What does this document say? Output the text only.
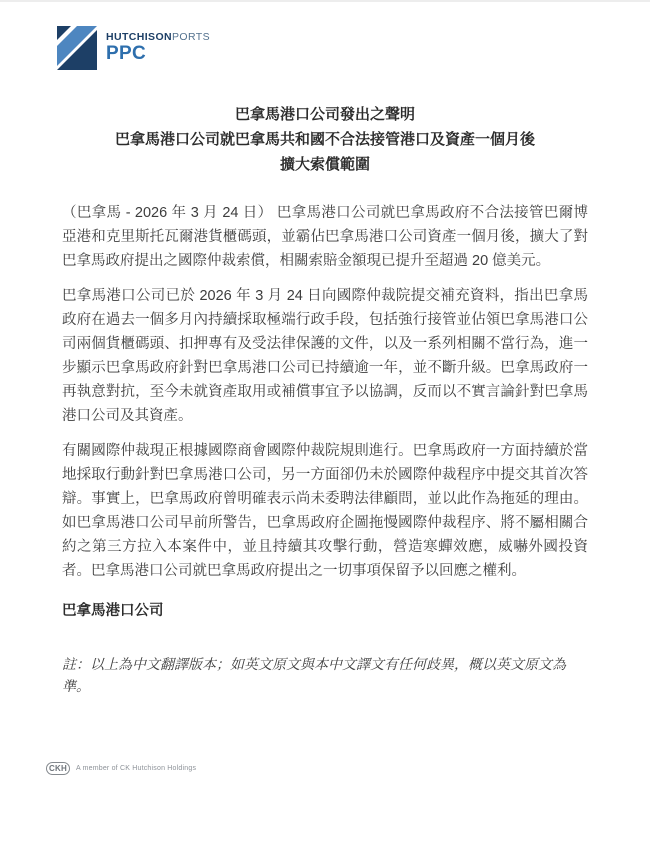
HUTCHISONPORTS
PPC
巴拿馬港口公司發出之聲明
巴拿馬港口公司就巴拿馬共和國不合法接管港口及資產一個月後
擴大索償範圍

（巴拿馬 - 2026 年 3 月 24 日） 巴拿馬港口公司就巴拿馬政府不合法接管巴爾博亞港和克里斯托瓦爾港貨櫃碼頭，並霸佔巴拿馬港口公司資產一個月後，擴大了對巴拿馬政府提出之國際仲裁索償，相關索賠金額現已提升至超過 20 億美元。

巴拿馬港口公司已於 2026 年 3 月 24 日向國際仲裁院提交補充資料，指出巴拿馬政府在過去一個多月內持續採取極端行政手段，包括強行接管並佔領巴拿馬港口公司兩個貨櫃碼頭、扣押專有及受法律保護的文件，以及一系列相關不當行為，進一步顯示巴拿馬政府針對巴拿馬港口公司已持續逾一年，並不斷升級。巴拿馬政府一再執意對抗，至今未就資產取用或補償事宜予以協調，反而以不實言論針對巴拿馬港口公司及其資產。

有關國際仲裁現正根據國際商會國際仲裁院規則進行。巴拿馬政府一方面持續於當地採取行動針對巴拿馬港口公司，另一方面卻仍未於國際仲裁程序中提交其首次答辯。事實上，巴拿馬政府曾明確表示尚未委聘法律顧問，並以此作為拖延的理由。如巴拿馬港口公司早前所警告，巴拿馬政府企圖拖慢國際仲裁程序、將不屬相關合約之第三方拉入本案件中，並且持續其攻擊行動，營造寒蟬效應，威嚇外國投資者。巴拿馬港口公司就巴拿馬政府提出之一切事項保留予以回應之權利。

巴拿馬港口公司

註：以上為中文翻譯版本；如英文原文與本中文譯文有任何歧異，概以英文原文為準。

CKH	A member of CK Hutchison Holdings
